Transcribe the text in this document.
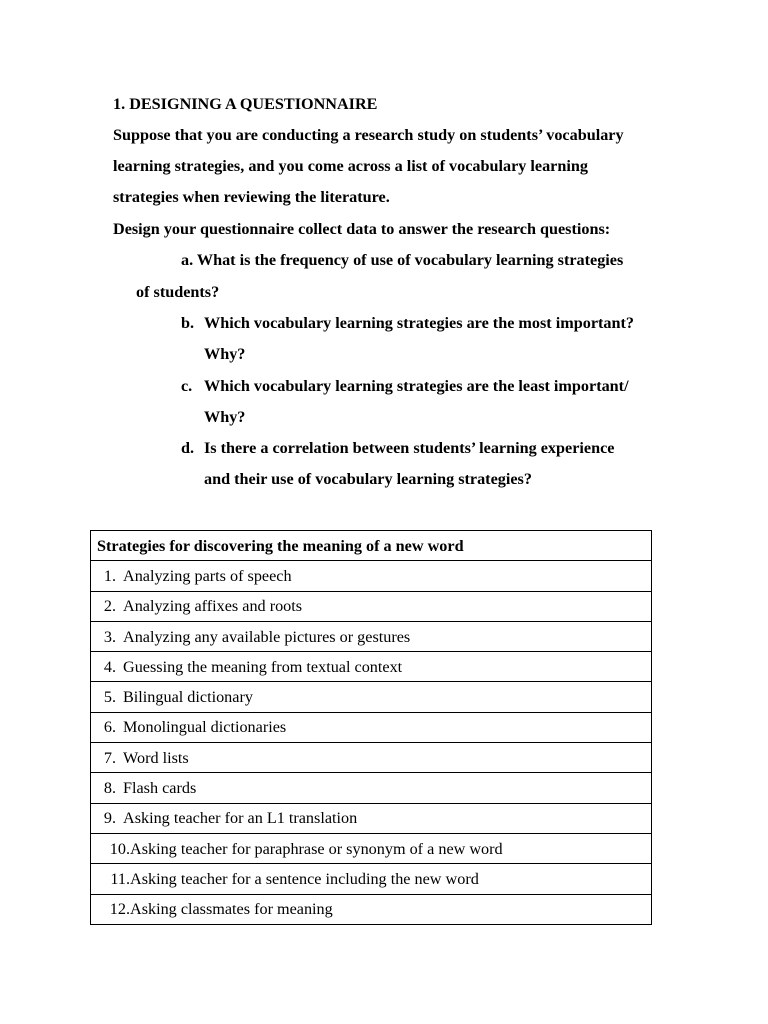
1. DESIGNING A QUESTIONNAIRE
Suppose that you are conducting a research study on students’ vocabulary
learning strategies, and you come across a list of vocabulary learning
strategies when reviewing the literature.
Design your questionnaire collect data to answer the research questions:
a. What is the frequency of use of vocabulary learning strategies
of students?
b. Which vocabulary learning strategies are the most important?
Why?
c. Which vocabulary learning strategies are the least important/
Why?
d. Is there a correlation between students’ learning experience
and their use of vocabulary learning strategies?
Strategies for discovering the meaning of a new word
1. Analyzing parts of speech
2. Analyzing affixes and roots
3. Analyzing any available pictures or gestures
4. Guessing the meaning from textual context
5. Bilingual dictionary
6. Monolingual dictionaries
7. Word lists
8. Flash cards
9. Asking teacher for an L1 translation
10.Asking teacher for paraphrase or synonym of a new word
11.Asking teacher for a sentence including the new word
12.Asking classmates for meaning
